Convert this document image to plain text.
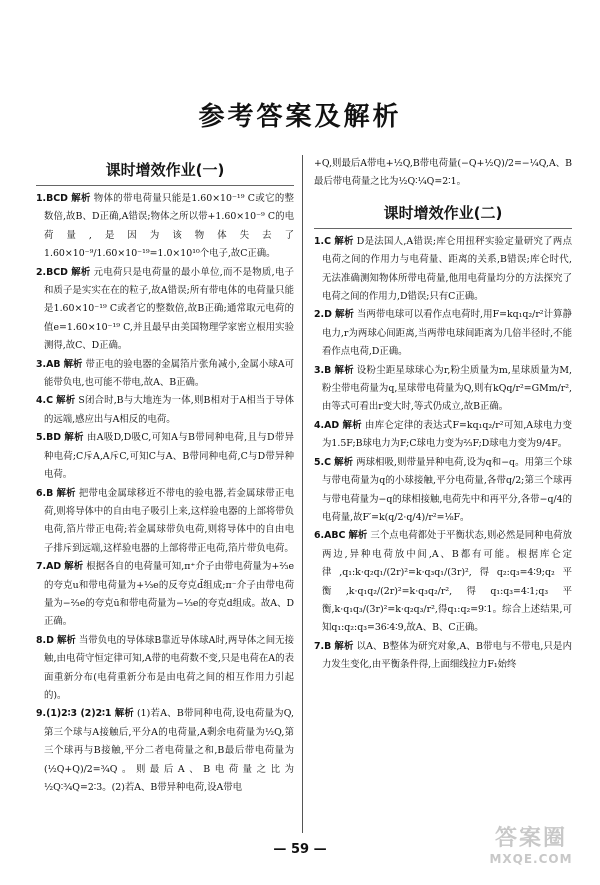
参考答案及解析
课时增效作业(一)

1.BCD 解析 物体的带电荷量只能是1.60×10⁻¹⁹ C或它的整数倍,故B、D正确,A错误;物体之所以带+1.60×10⁻⁹ C的电荷量,是因为该物体失去了1.60×10⁻⁹/1.60×10⁻¹⁹=1.0×10¹⁰个电子,故C正确。

2.BCD 解析 元电荷只是电荷量的最小单位,而不是物质,电子和质子是实实在在的粒子,故A错误;所有带电体的电荷量只能是1.60×10⁻¹⁹ C或者它的整数倍,故B正确;通常取元电荷的值e=1.60×10⁻¹⁹ C,并且最早由美国物理学家密立根用实验测得,故C、D正确。

3.AB 解析 带正电的验电器的金属箔片张角减小,金属小球A可能带负电,也可能不带电,故A、B正确。

4.C 解析 S闭合时,B与大地连为一体,则B相对于A相当于导体的远端,感应出与A相反的电荷。

5.BD 解析 由A吸D,D吸C,可知A与B带同种电荷,且与D带异种电荷;C斥A,A斥C,可知C与A、B带同种电荷,C与D带异种电荷。

6.B 解析 把带电金属球移近不带电的验电器,若金属球带正电荷,则将导体中的自由电子吸引上来,这样验电器的上部将带负电荷,箔片带正电荷;若金属球带负电荷,则将导体中的自由电子排斥到远端,这样验电器的上部将带正电荷,箔片带负电荷。

7.AD 解析 根据各自的电荷量可知,π⁺介子由带电荷量为+⅔e的夸克u和带电荷量为+⅓e的反夸克d̄组成;π⁻介子由带电荷量为−⅔e的夸克ū和带电荷量为−⅓e的夸克d组成。故A、D正确。

8.D 解析 当带负电的导体球B靠近导体球A时,两导体之间无接触,由电荷守恒定律可知,A带的电荷数不变,只是电荷在A的表面重新分布(电荷重新分布是由电荷之间的相互作用力引起的)。

9.(1)2∶3 (2)2∶1 解析 (1)若A、B带同种电荷,设电荷量为Q,第三个球与A接触后,平分A的电荷量,A剩余电荷量为½Q,第三个球再与B接触,平分二者电荷量之和,B最后带电荷量为(½Q+Q)/2=¾Q。则最后A、B电荷量之比为½Q∶¾Q=2∶3。(2)若A、B带异种电荷,设A带电

+Q,则最后A带电+½Q,B带电荷量(−Q+½Q)/2=−¼Q,A、B最后带电荷量之比为½Q∶¼Q=2∶1。

课时增效作业(二)

1.C 解析 D是法国人,A错误;库仑用扭秤实验定量研究了两点电荷之间的作用力与电荷量、距离的关系,B错误;库仑时代,无法准确测知物体所带电荷量,他用电荷量均分的方法探究了电荷之间的作用力,D错误;只有C正确。

2.D 解析 当两带电球可以看作点电荷时,用F=kq₁q₂/r²计算静电力,r为两球心间距离,当两带电球间距离为几倍半径时,不能看作点电荷,D正确。

3.B 解析 设粉尘距星球球心为r,粉尘质量为m,星球质量为M,粉尘带电荷量为q,星球带电荷量为Q,则有kQq/r²=GMm/r²,由等式可看出r变大时,等式仍成立,故B正确。

4.AD 解析 由库仑定律的表达式F=kq₁q₂/r²可知,A球电力变为1.5F;B球电力为F;C球电力变为⅔F;D球电力变为9/4F。

5.C 解析 两球相吸,则带量异种电荷,设为q和−q。用第三个球与带电荷量为q的小球接触,平分电荷量,各带q/2;第三个球再与带电荷量为−q的球相接触,电荷先中和再平分,各带−q/4的电荷量,故F′=k(q/2·q/4)/r²=⅛F。

6.ABC 解析 三个点电荷都处于平衡状态,则必然是同种电荷放两边,异种电荷放中间,A、B都有可能。根据库仑定律,q₁:k·q₂q₁/(2r)²=k·q₃q₁/(3r)²,得q₂:q₃=4∶9;q₂平衡,k·q₁q₂/(2r)²=k·q₃q₂/r²,得q₁:q₃=4∶1;q₃平衡,k·q₁q₃/(3r)²=k·q₂q₃/r²,得q₁:q₂=9∶1。综合上述结果,可知q₁:q₂:q₃=36∶4∶9,故A、B、C正确。

7.B 解析 以A、B整体为研究对象,A、B带电与不带电,只是内力发生变化,由平衡条件得,上面细线拉力F₁始终

— 59 —	答案圈
MXQE.COM
